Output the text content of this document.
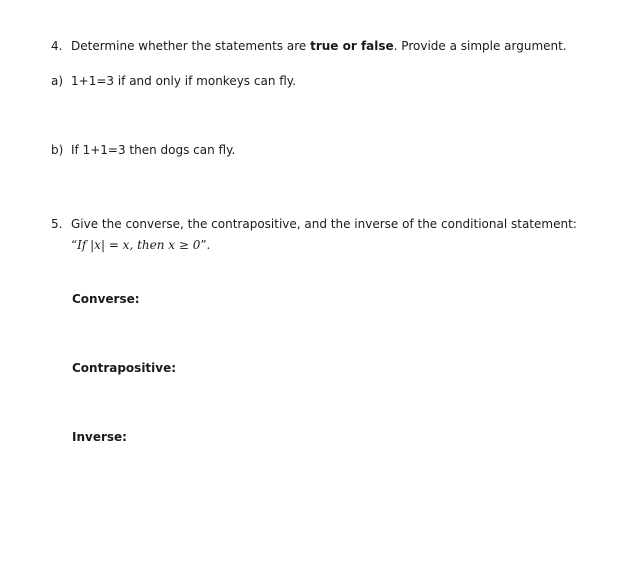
4. Determine whether the statements are true or false. Provide a simple argument.
a) 1+1=3 if and only if monkeys can fly.
b) If 1+1=3 then dogs can fly.
5. Give the converse, the contrapositive, and the inverse of the conditional statement:
“If |x| = x, then x ≥ 0”.
Converse:
Contrapositive:
Inverse:
